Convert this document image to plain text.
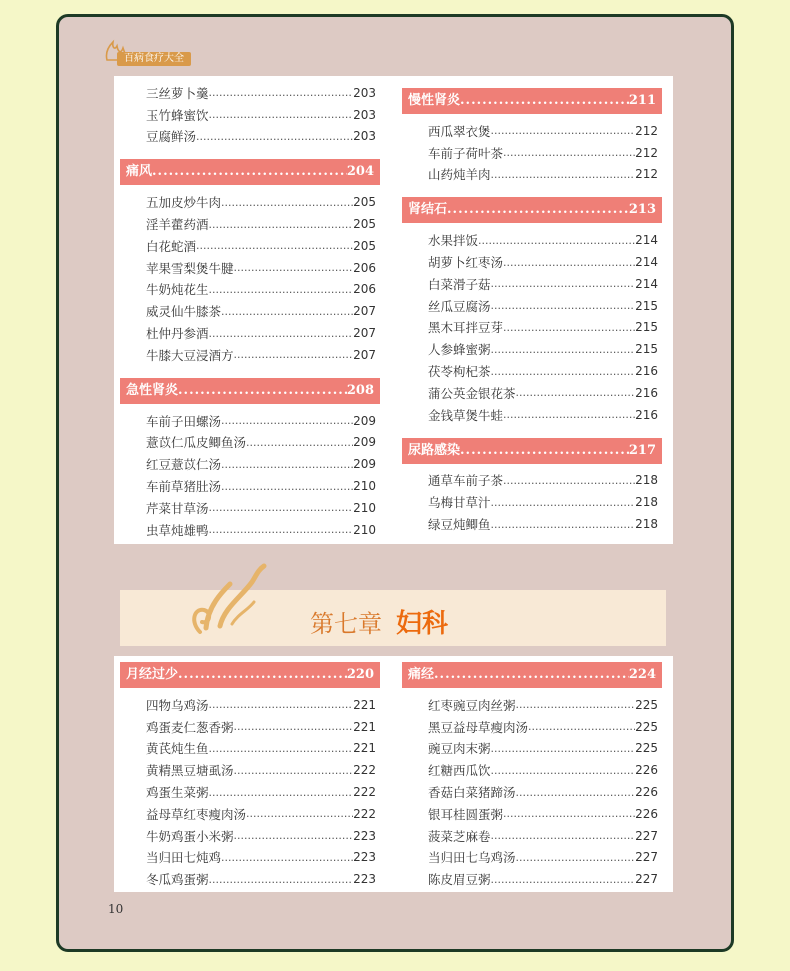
百病食疗大全
三丝萝卜羹 .....	203
玉竹蜂蜜饮 .....	203
豆腐鲜汤 .....	203
痛风 .....	204
五加皮炒牛肉 .....	205
淫羊藿药酒 .....	205
白花蛇酒 .....	205
苹果雪梨煲牛腱 .....	206
牛奶炖花生 .....	206
威灵仙牛膝茶 .....	207
杜仲丹参酒 .....	207
牛膝大豆浸酒方 .....	207
急性肾炎 .....	208
车前子田螺汤 .....	209
薏苡仁瓜皮鲫鱼汤 .....	209
红豆薏苡仁汤 .....	209
车前草猪肚汤 .....	210
芹菜甘草汤 .....	210
虫草炖雄鸭 .....	210
慢性肾炎 .....	211
西瓜翠衣煲 .....	212
车前子荷叶茶 .....	212
山药炖羊肉 .....	212
肾结石 .....	213
水果拌饭 .....	214
胡萝卜红枣汤 .....	214
白菜滑子菇 .....	214
丝瓜豆腐汤 .....	215
黑木耳拌豆芽 .....	215
人参蜂蜜粥 .....	215
茯苓枸杞茶 .....	216
蒲公英金银花茶 .....	216
金钱草煲牛蛙 .....	216
尿路感染 .....	217
通草车前子茶 .....	218
乌梅甘草汁 .....	218
绿豆炖鲫鱼 .....	218
第七章 妇科
月经过少 .....	220
四物乌鸡汤 .....	221
鸡蛋麦仁葱香粥 .....	221
黄芪炖生鱼 .....	221
黄精黑豆塘虱汤 .....	222
鸡蛋生菜粥 .....	222
益母草红枣瘦肉汤 .....	222
牛奶鸡蛋小米粥 .....	223
当归田七炖鸡 .....	223
冬瓜鸡蛋粥 .....	223
痛经 .....	224
红枣豌豆肉丝粥 .....	225
黑豆益母草瘦肉汤 .....	225
豌豆肉末粥 .....	225
红糖西瓜饮 .....	226
香菇白菜猪蹄汤 .....	226
银耳桂圆蛋粥 .....	226
菠菜芝麻卷 .....	227
当归田七乌鸡汤 .....	227
陈皮眉豆粥 .....	227
10
